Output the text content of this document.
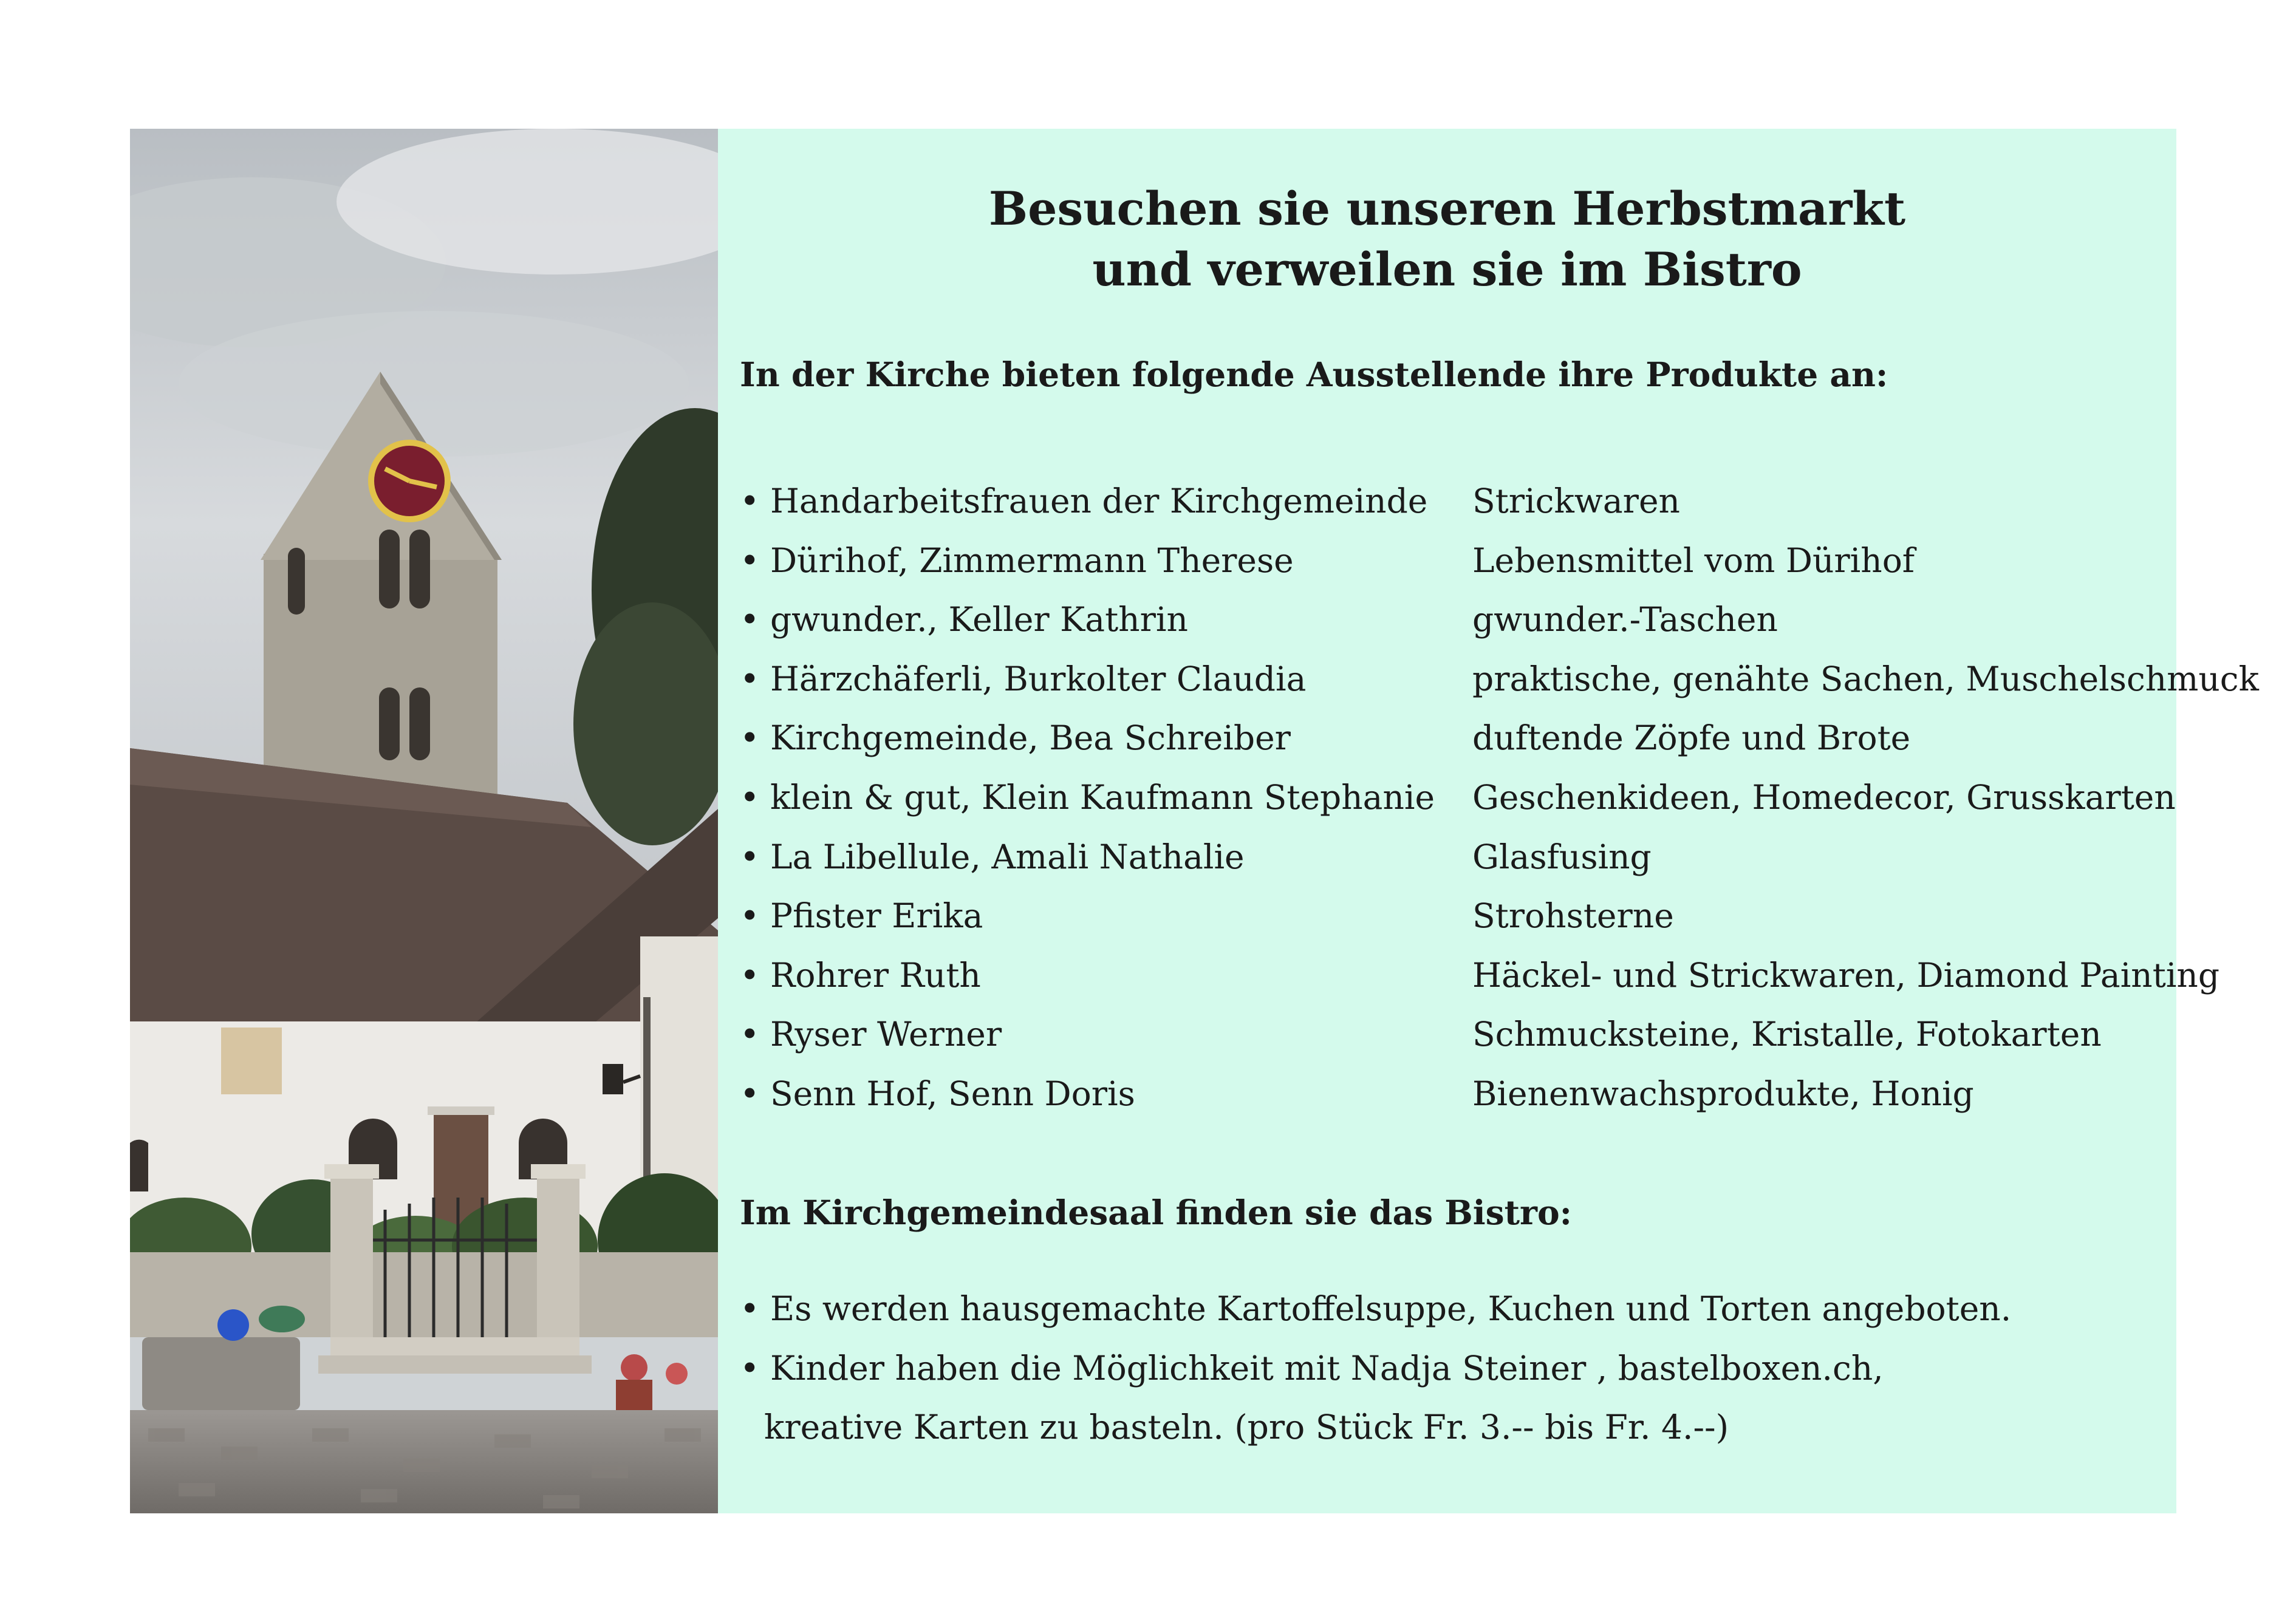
Besuchen sie unseren Herbstmarkt
und verweilen sie im Bistro
In der Kirche bieten folgende Ausstellende ihre Produkte an:
• Handarbeitsfrauen der Kirchgemeinde	Strickwaren
• Dürihof, Zimmermann Therese	Lebensmittel vom Dürihof
• gwunder., Keller Kathrin	gwunder.-Taschen
• Härzchäferli, Burkolter Claudia	praktische, genähte Sachen, Muschelschmuck
• Kirchgemeinde, Bea Schreiber	duftende Zöpfe und Brote
• klein & gut, Klein Kaufmann Stephanie	Geschenkideen, Homedecor, Grusskarten
• La Libellule, Amali Nathalie	Glasfusing
• Pfister Erika	Strohsterne
• Rohrer Ruth	Häckel- und Strickwaren, Diamond Painting
• Ryser Werner	Schmucksteine, Kristalle, Fotokarten
• Senn Hof, Senn Doris	Bienenwachsprodukte, Honig
Im Kirchgemeindesaal finden sie das Bistro:
• Es werden hausgemachte Kartoffelsuppe, Kuchen und Torten angeboten.
• Kinder haben die Möglichkeit mit Nadja Steiner , bastelboxen.ch,
kreative Karten zu basteln. (pro Stück Fr. 3.-- bis Fr. 4.--)
